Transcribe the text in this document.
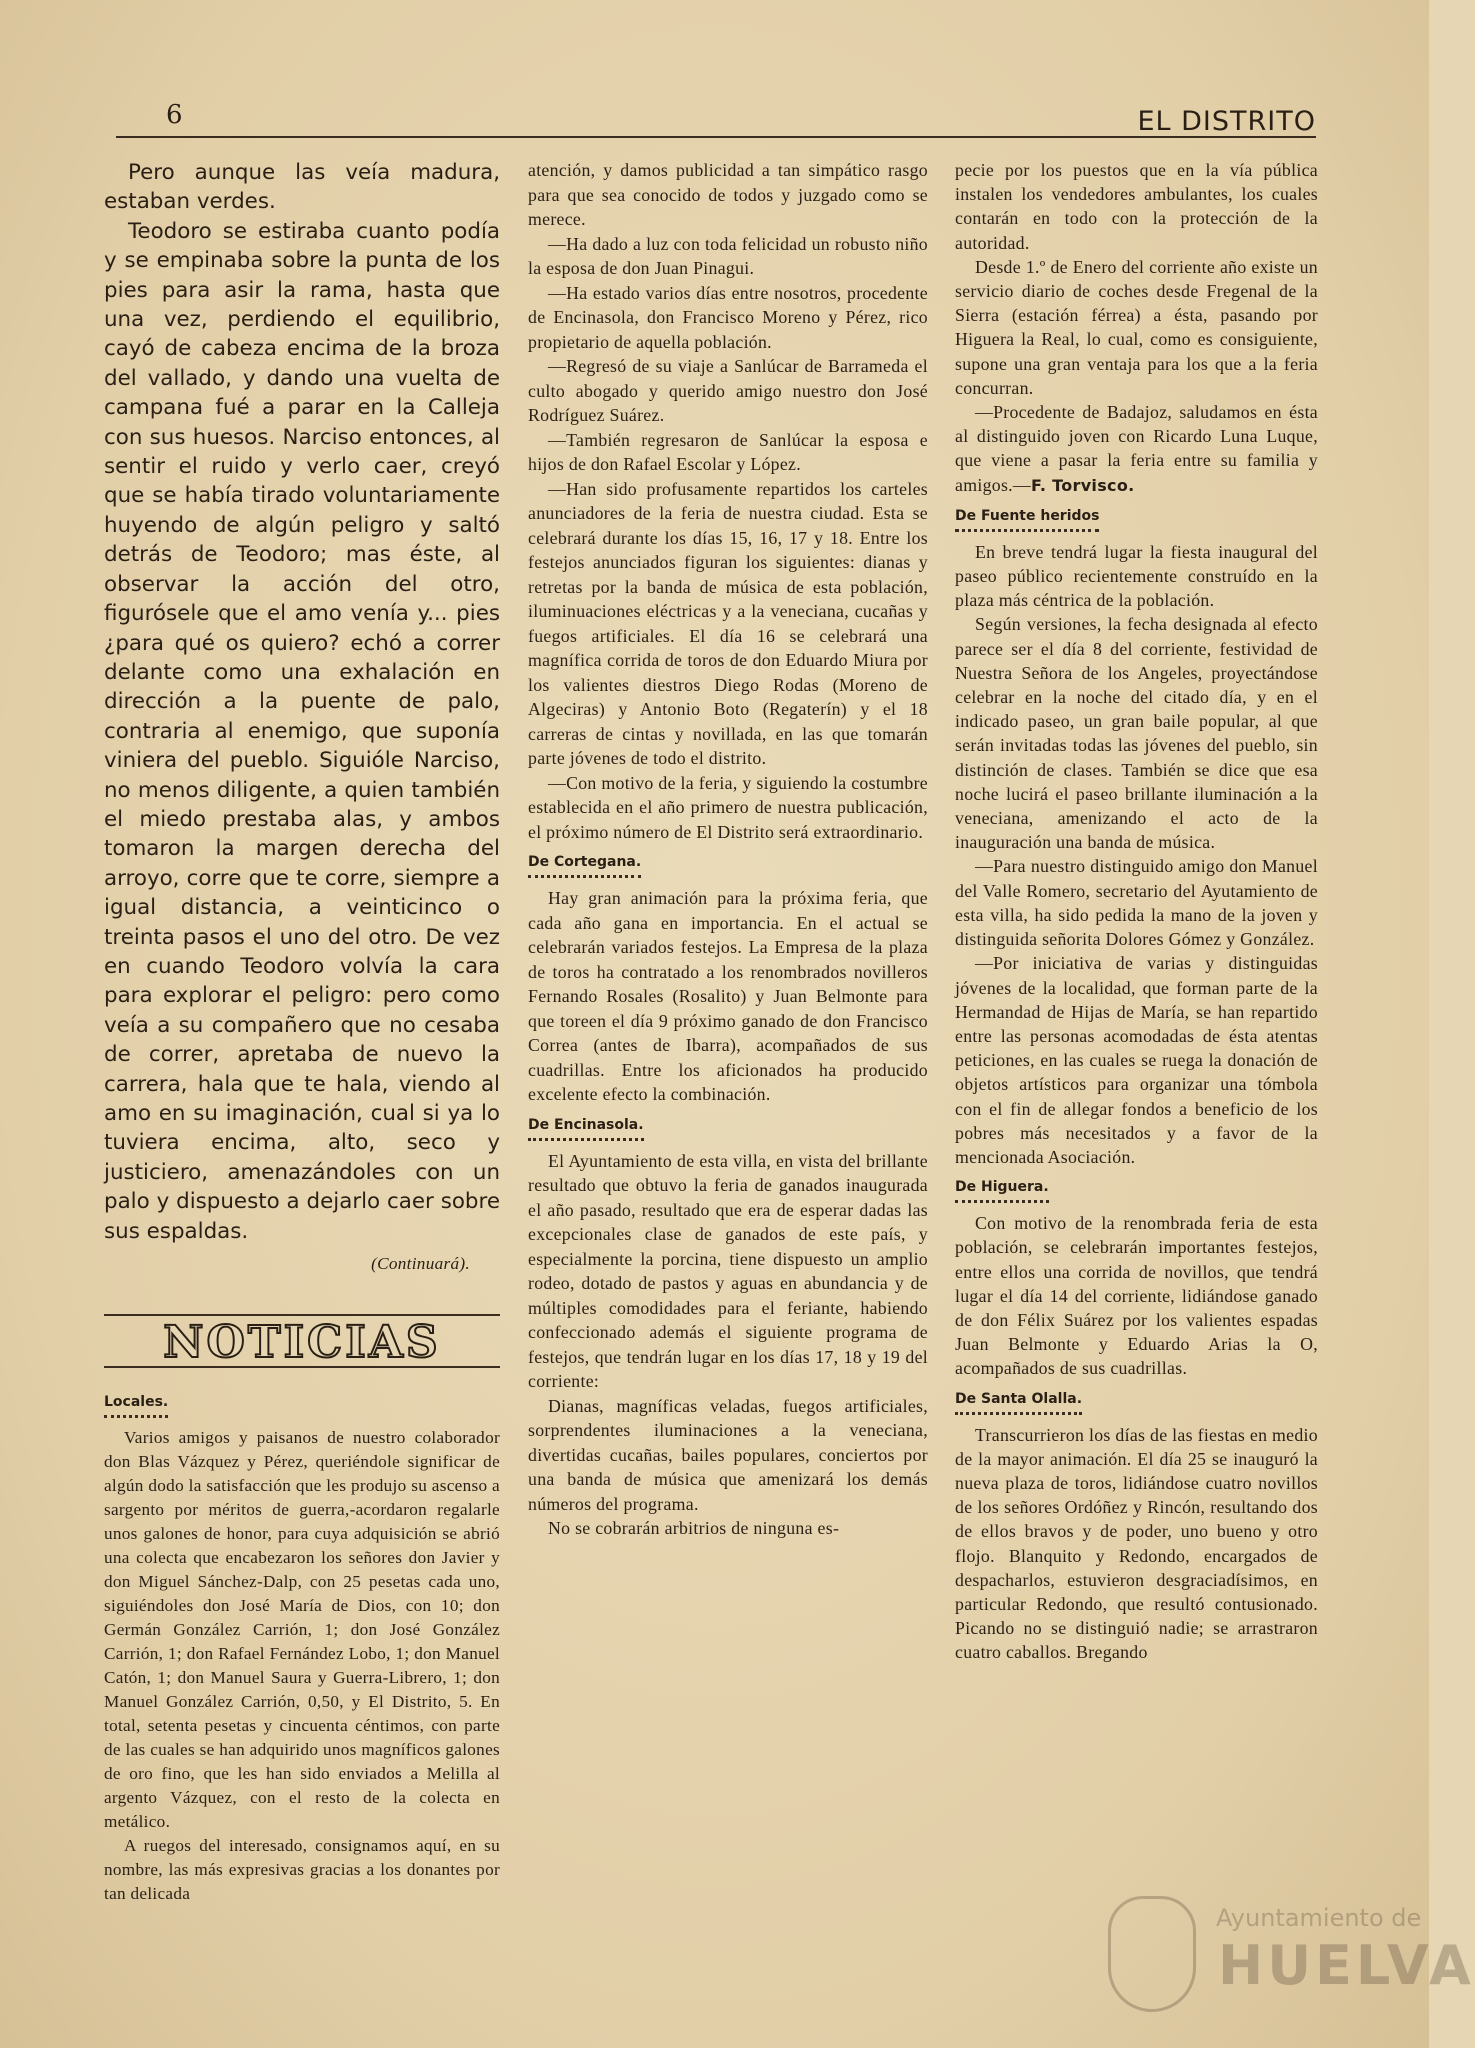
6	EL DISTRITO

Pero aunque las veía madura, estaban verdes.

Teodoro se estiraba cuanto podía y se empinaba sobre la punta de los pies para asir la rama, hasta que una vez, perdiendo el equilibrio, cayó de cabeza encima de la broza del vallado, y dando una vuelta de campana fué a parar en la Calleja con sus huesos. Narciso entonces, al sentir el ruido y verlo caer, creyó que se había tirado voluntariamente huyendo de algún peligro y saltó detrás de Teodoro; mas éste, al observar la acción del otro, figurósele que el amo venía y... pies ¿para qué os quiero? echó a correr delante como una exhalación en dirección a la puente de palo, contraria al enemigo, que suponía viniera del pueblo. Siguióle Narciso, no menos diligente, a quien también el miedo prestaba alas, y ambos tomaron la margen derecha del arroyo, corre que te corre, siempre a igual distancia, a veinticinco o treinta pasos el uno del otro. De vez en cuando Teodoro volvía la cara para explorar el peligro: pero como veía a su compañero que no cesaba de correr, apretaba de nuevo la carrera, hala que te hala, viendo al amo en su imaginación, cual si ya lo tuviera encima, alto, seco y justiciero, amenazándoles con un palo y dispuesto a dejarlo caer sobre sus espaldas.

(Continuará).

NOTICIAS
Locales.

Varios amigos y paisanos de nuestro colaborador don Blas Vázquez y Pérez, queriéndole significar de algún dodo la satisfacción que les produjo su ascenso a sargento por méritos de guerra,-acordaron regalarle unos galones de honor, para cuya adquisición se abrió una colecta que encabezaron los señores don Javier y don Miguel Sánchez-Dalp, con 25 pesetas cada uno, siguiéndoles don José María de Dios, con 10; don Germán González Carrión, 1; don José González Carrión, 1; don Rafael Fernández Lobo, 1; don Manuel Catón, 1; don Manuel Saura y Guerra-Librero, 1; don Manuel González Carrión, 0,50, y El Distrito, 5. En total, setenta pesetas y cincuenta céntimos, con parte de las cuales se han adquirido unos magníficos galones de oro fino, que les han sido enviados a Melilla al argento Vázquez, con el resto de la colecta en metálico.

A ruegos del interesado, consignamos aquí, en su nombre, las más expresivas gracias a los donantes por tan delicada

atención, y damos publicidad a tan simpático rasgo para que sea conocido de todos y juzgado como se merece.

—Ha dado a luz con toda felicidad un robusto niño la esposa de don Juan Pinagui.

—Ha estado varios días entre nosotros, procedente de Encinasola, don Francisco Moreno y Pérez, rico propietario de aquella población.

—Regresó de su viaje a Sanlúcar de Barrameda el culto abogado y querido amigo nuestro don José Rodríguez Suárez.

—También regresaron de Sanlúcar la esposa e hijos de don Rafael Escolar y López.

—Han sido profusamente repartidos los carteles anunciadores de la feria de nuestra ciudad. Esta se celebrará durante los días 15, 16, 17 y 18. Entre los festejos anunciados figuran los siguientes: dianas y retretas por la banda de música de esta población, iluminuaciones eléctricas y a la veneciana, cucañas y fuegos artificiales. El día 16 se celebrará una magnífica corrida de toros de don Eduardo Miura por los valientes diestros Diego Rodas (Moreno de Algeciras) y Antonio Boto (Regaterín) y el 18 carreras de cintas y novillada, en las que tomarán parte jóvenes de todo el distrito.

—Con motivo de la feria, y siguiendo la costumbre establecida en el año primero de nuestra publicación, el próximo número de El Distrito será extraordinario.

De Cortegana.

Hay gran animación para la próxima feria, que cada año gana en importancia. En el actual se celebrarán variados festejos. La Empresa de la plaza de toros ha contratado a los renombrados novilleros Fernando Rosales (Rosalito) y Juan Belmonte para que toreen el día 9 próximo ganado de don Francisco Correa (antes de Ibarra), acompañados de sus cuadrillas. Entre los aficionados ha producido excelente efecto la combinación.

De Encinasola.

El Ayuntamiento de esta villa, en vista del brillante resultado que obtuvo la feria de ganados inaugurada el año pasado, resultado que era de esperar dadas las excepcionales clase de ganados de este país, y especialmente la porcina, tiene dispuesto un amplio rodeo, dotado de pastos y aguas en abundancia y de múltiples comodidades para el feriante, habiendo confeccionado además el siguiente programa de festejos, que tendrán lugar en los días 17, 18 y 19 del corriente:

Dianas, magníficas veladas, fuegos artificiales, sorprendentes iluminaciones a la veneciana, divertidas cucañas, bailes populares, conciertos por una banda de música que amenizará los demás números del programa.

No se cobrarán arbitrios de ninguna es-

pecie por los puestos que en la vía pública instalen los vendedores ambulantes, los cuales contarán en todo con la protección de la autoridad.

Desde 1.º de Enero del corriente año existe un servicio diario de coches desde Fregenal de la Sierra (estación férrea) a ésta, pasando por Higuera la Real, lo cual, como es consiguiente, supone una gran ventaja para los que a la feria concurran.

—Procedente de Badajoz, saludamos en ésta al distinguido joven con Ricardo Luna Luque, que viene a pasar la feria entre su familia y amigos.—F. Torvisco.

De Fuente heridos

En breve tendrá lugar la fiesta inaugural del paseo público recientemente construído en la plaza más céntrica de la población.

Según versiones, la fecha designada al efecto parece ser el día 8 del corriente, festividad de Nuestra Señora de los Angeles, proyectándose celebrar en la noche del citado día, y en el indicado paseo, un gran baile popular, al que serán invitadas todas las jóvenes del pueblo, sin distinción de clases. También se dice que esa noche lucirá el paseo brillante iluminación a la veneciana, amenizando el acto de la inauguración una banda de música.

—Para nuestro distinguido amigo don Manuel del Valle Romero, secretario del Ayutamiento de esta villa, ha sido pedida la mano de la joven y distinguida señorita Dolores Gómez y González.

—Por iniciativa de varias y distinguidas jóvenes de la localidad, que forman parte de la Hermandad de Hijas de María, se han repartido entre las personas acomodadas de ésta atentas peticiones, en las cuales se ruega la donación de objetos artísticos para organizar una tómbola con el fin de allegar fondos a beneficio de los pobres más necesitados y a favor de la mencionada Asociación.

De Higuera.

Con motivo de la renombrada feria de esta población, se celebrarán importantes festejos, entre ellos una corrida de novillos, que tendrá lugar el día 14 del corriente, lidiándose ganado de don Félix Suárez por los valientes espadas Juan Belmonte y Eduardo Arias la O, acompañados de sus cuadrillas.

De Santa Olalla.

Transcurrieron los días de las fiestas en medio de la mayor animación. El día 25 se inauguró la nueva plaza de toros, lidiándose cuatro novillos de los señores Ordóñez y Rincón, resultando dos de ellos bravos y de poder, uno bueno y otro flojo. Blanquito y Redondo, encargados de despacharlos, estuvieron desgraciadísimos, en particular Redondo, que resultó contusionado. Picando no se distinguió nadie; se arrastraron cuatro caballos. Bregando

Ayuntamiento de
HUELVA
